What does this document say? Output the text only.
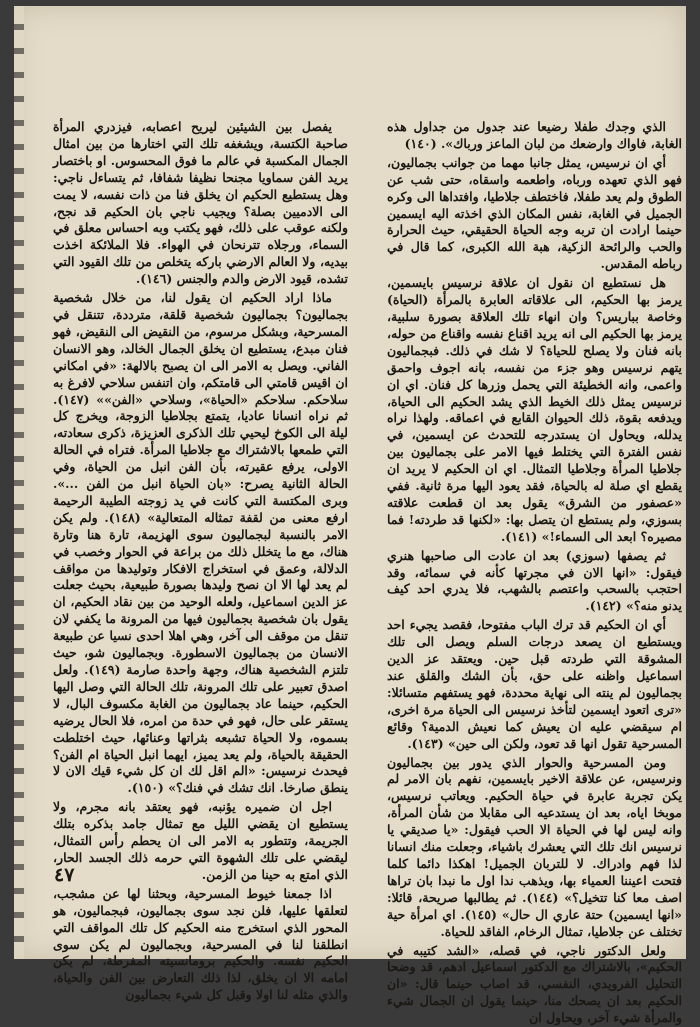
الذي وجدك طفلا رضيعا عند جدول من جداول هذه الغابة، فاواك وارضعك من لبان الماعز ورباك». (١٤٠)

أي ان نرسيس، يمثل جانبا مهما من جوانب بجماليون، فهو الذي تعهده ورباه، واطعمه واسقاه، حتى شب عن الطوق ولم يعد طفلا، فاختطف جلاطيا، وافتداها الى وكره الجميل في الغابة، نفس المكان الذي اخذته اليه ايسمين حينما ارادت ان تربه وجه الحياة الحقيقي، حيث الحرارة والحب والرائحة الزكية، هبة الله الكبرى، كما قال في رباطه المقدس.

هل نستطيع ان نقول ان علاقة نرسيس بايسمين، يرمز بها الحكيم، الى علاقاته العابرة بالمرأة (الحياة) وخاصة بباريس؟ وان انهاء تلك العلاقة بصورة سلبية، يرمز بها الحكيم الى انه يريد اقناع نفسه واقناع من حوله، بانه فنان ولا يصلح للحياة؟ لا شك في ذلك. فبجماليون يتهم نرسيس وهو جزء من نفسه، بانه اجوف واحمق واعمى، وانه الخطيئة التي يحمل وزرها كل فنان. اي ان نرسيس يمثل ذلك الخيط الذي يشد الحكيم الى الحياة، ويدفعه بقوة، ذلك الحيوان القابع في اعماقه. ولهذا نراه يدلله، ويحاول ان يستدرجه للتحدث عن ايسمين، في نفس الفترة التي يختلط فيها الامر على بجماليون بين جلاطيا المرأة وجلاطيا التمثال. اي ان الحكيم لا يريد ان يقطع اي صلة له بالحياة، فقد يعود اليها مرة ثانية. ففي «عصفور من الشرق» يقول بعد ان قطعت علاقته بسوزي، ولم يستطع ان يتصل بها: «لكنها قد طردته! فما مصيره؟ ابعد الى السماء!» (١٤١).

ثم يصفها (سوزي) بعد ان عادت الى صاحبها هنري فيقول: «انها الان في مجرتها كأنه في سمائه، وقد احتجب بالسحب واعتصم بالشهب، فلا يدري احد كيف يدنو منه؟» (١٤٢).

أي ان الحكيم قد ترك الباب مفتوحا، فقصد يجيء احد ويستطيع ان يصعد درجات السلم ويصل الى تلك المشوقة التي طردته قبل حين. ويعتقد عز الدين اسماعيل واظنه على حق، بأن الشك والقلق عند بجماليون لم ينته الى نهاية محددة، فهو يستفهم متسائلا: «ترى اتعود ايسمين لتأخذ نرسيس الى الحياة مرة اخرى، ام سيقضي عليه ان يعيش كما نعيش الدمية؟ وقائع المسرحية تقول انها قد تعود، ولكن الى حين» (١٤٣).

ومن المسرحية والحوار الذي يدور بين بجماليون ونرسيس، عن علاقة الاخير بايسمين، نفهم بان الامر لم يكن تجربة عابرة في حياة الحكيم. ويعاتب نرسيس، موبخا اياه، بعد ان يستدعيه الى مقابلا من شأن المرأة، وانه ليس لها في الحياة الا الحب فيقول: «يا صديقي يا نرسيس انك تلك التي يعشرك باشياء، وجعلت منك انسانا لذا فهم وادراك. لا للتربان الجميل! اهكذا دائما كلما فتحت اعيننا العمياء بها، ويذهب ندا اول ما نبدا بان تراها اصف معا كنا تتخيل؟» (١٤٤). ثم يطالبها صريحة، قائلا: «انها ايسمين) حتة عاري ال حال» (١٤٥). اي امرأة حية تختلف عن جلاطيا، تمثال الرخام، الفاقد للحياة.

ولعل الدكتور ناجي، في قصله، «الشد كتيبه في الحكيم»، بالاشتراك مع الدكتور اسماعيل ادهم، قد وضحا التحليل الفرويدي، النفسي، قد اصاب حينما قال: «ان الحكيم بعد ان يصحك منا، حينما يقول ان الجمال شيء والمرأة شيء آخر، ويحاول ان

يفصل بين الشيئين ليريح اعصابه، فيزدري المرأة صاحبة الكتسة، ويشغفه تلك التي اختارها من بين امثال الجمال المكسبة في عالم ما فوق المحسوس. او باختصار يريد الفن سماويا مجنحا نظيفا شفافا، ثم يتساءل ناجي: وهل يستطيع الحكيم ان يخلق فنا من ذات نفسه، لا يمت الى الادميين بصلة؟ ويجيب ناجي بان الحكيم قد نجح، ولكنه عوقب على ذلك، فهو يكتب وبه احساس معلق في السماء، ورجلاه تترنحان في الهواء. فلا الملائكة اخذت بيديه، ولا العالم الارضي باركه يتخلص من تلك القيود التي تشده، قيود الارض والدم والجنس (١٤٦).

ماذا اراد الحكيم ان يقول لنا، من خلال شخصية بجماليون؟ بجماليون شخصية قلقة، مترددة، تتنقل في المسرحية، وبشكل مرسوم، من النقيض الى النقيض، فهو فنان مبدع، يستطيع ان يخلق الجمال الخالد، وهو الانسان الفاني. ويصل به الامر الى ان يصبح بالالهة: «في امكاني ان اقيس قامتي الى قامتكم، وان اتنفس سلاحي لافرغ به سلاحكم. سلاحكم «الحياة»، وسلاحي «الفن»» (١٤٧). ثم نراه انسانا عاديا، يتمتع بجلاطيا الزوجة، ويخرج كل ليلة الى الكوخ ليحيي تلك الذكرى العزيزة، ذكرى سعادته، التي طمعها بالاشتراك مع جلاطيا المرأة. فتراه في الحالة الاولى، يرفع عقيرته، بأن الفن انبل من الحياة، وفي الحالة الثانية يصرح: «بان الحياة انبل من الفن ...». وبرى المكتسة التي كانت في يد زوجته الطيبة الرحيمة ارفع معنى من لقفة تمثاله المتعالية» (١٤٨). ولم يكن الامر بالنسبة لبجماليون سوى الهزيمة، تارة هنا وتارة هناك، مع ما يتخلل ذلك من براعة في الحوار وخصب في الدلالة، وعمق في استخراج الافكار وتوليدها من مواقف لم يعد لها الا ان نصح وليدها بصورة طبيعية، بحيث جعلت عز الدين اسماعيل، ولعله الوحيد من بين نقاد الحكيم، ان يقول بان شخصية بجماليون فيها من المرونة ما يكفي لان تنقل من موقف الى آخر، وهي اهلا احدى نسيا عن طبيعة الانسان من بجماليون الاسطورة. وبجماليون شو، حيث تلتزم الشخصية هناك، وجهة واحدة صارمة (١٤٩). ولعل اصدق تعبير على تلك المرونة، تلك الحالة التي وصل اليها الحكيم، حينما عاد بجماليون من الغابة مكسوف البال، لا يستقر على حال، فهو في حدة من امره، فلا الحال يرضيه بسموه، ولا الحياة تشبعه بثراتها وعنائها، حيث اختلطت الحقيقة بالحياة، ولم يعد يميز، ايهما انبل الحياة ام الفن؟ فيحدث نرسيس: «الم اقل لك ان كل شيء قيك الان لا ينطق صارخا. انك تشك في فنك؟» (١٥٠).

اجل ان ضميره يؤنبه، فهو يعتقد بانه مجرم، ولا يستطيع ان يقضي الليل مع تمثال جامد بذكره بتلك الجريمة، وتتطور به الامر الى ان يحطم رأس التمثال، ليقضي على تلك الشهوة التي حرمه ذلك الجسد الحار، الذي امتع به حينا من الزمن.

اذا جمعنا خيوط المسرحية، وبحثنا لها عن مشجب، لتعلقها عليها، فلن نجد سوى بجماليون، فبجماليون، هو المحور الذي استخرج منه الحكيم كل تلك المواقف التي انطلقنا لنا في المسرحية، وبجماليون لم يكن سوى الحكيم نفسه. والحكيم برومانسيته المفرطة، لم يكن امامه الا ان يخلق، لذا ذلك التعارض بين الفن والحياة، والذي مثله لنا اولا وقبل كل شيء بجماليون

٤٧
